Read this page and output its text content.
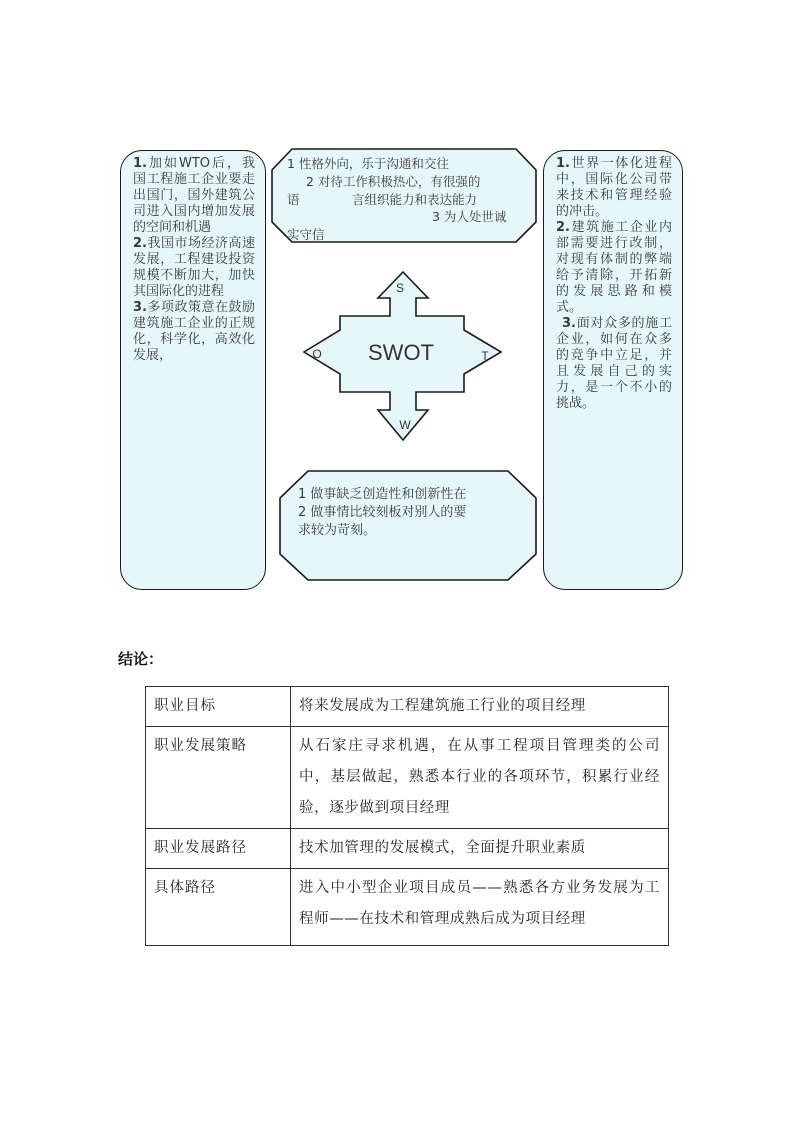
1.加如WTO后，我国工程施工企业要走出国门，国外建筑公司进入国内增加发展的空间和机遇

2.我国市场经济高速发展，工程建设投资规模不断加大，加快其国际化的进程

3.多项政策意在鼓励建筑施工企业的正规化，科学化，高效化发展，

1.世界一体化进程中，国际化公司带来技术和管理经验的冲击。

2.建筑施工企业内部需要进行改制，对现有体制的弊端给予清除，开拓新的发展思路和模式。

3.面对众多的施工企业，如何在众多的竞争中立足，并且发展自己的实力，是一个不小的挑战。

1 性格外向，乐于沟通和交往
2 对待工作积极热心，有很强的
语	言组织能力和表达能力
3 为人处世诚
实守信
1 做事缺乏创造性和创新性在
2 做事情比较刻板对别人的要
求较为苛刻。
SWOT
S
O	T
W
结论：
职业目标	将来发展成为工程建筑施工行业的项目经理
职业发展策略	从石家庄寻求机遇，在从事工程项目管理类的公司中，基层做起，熟悉本行业的各项环节，积累行业经验，逐步做到项目经理
职业发展路径	技术加管理的发展模式，全面提升职业素质
具体路径	进入中小型企业项目成员——熟悉各方业务发展为工程师——在技术和管理成熟后成为项目经理
